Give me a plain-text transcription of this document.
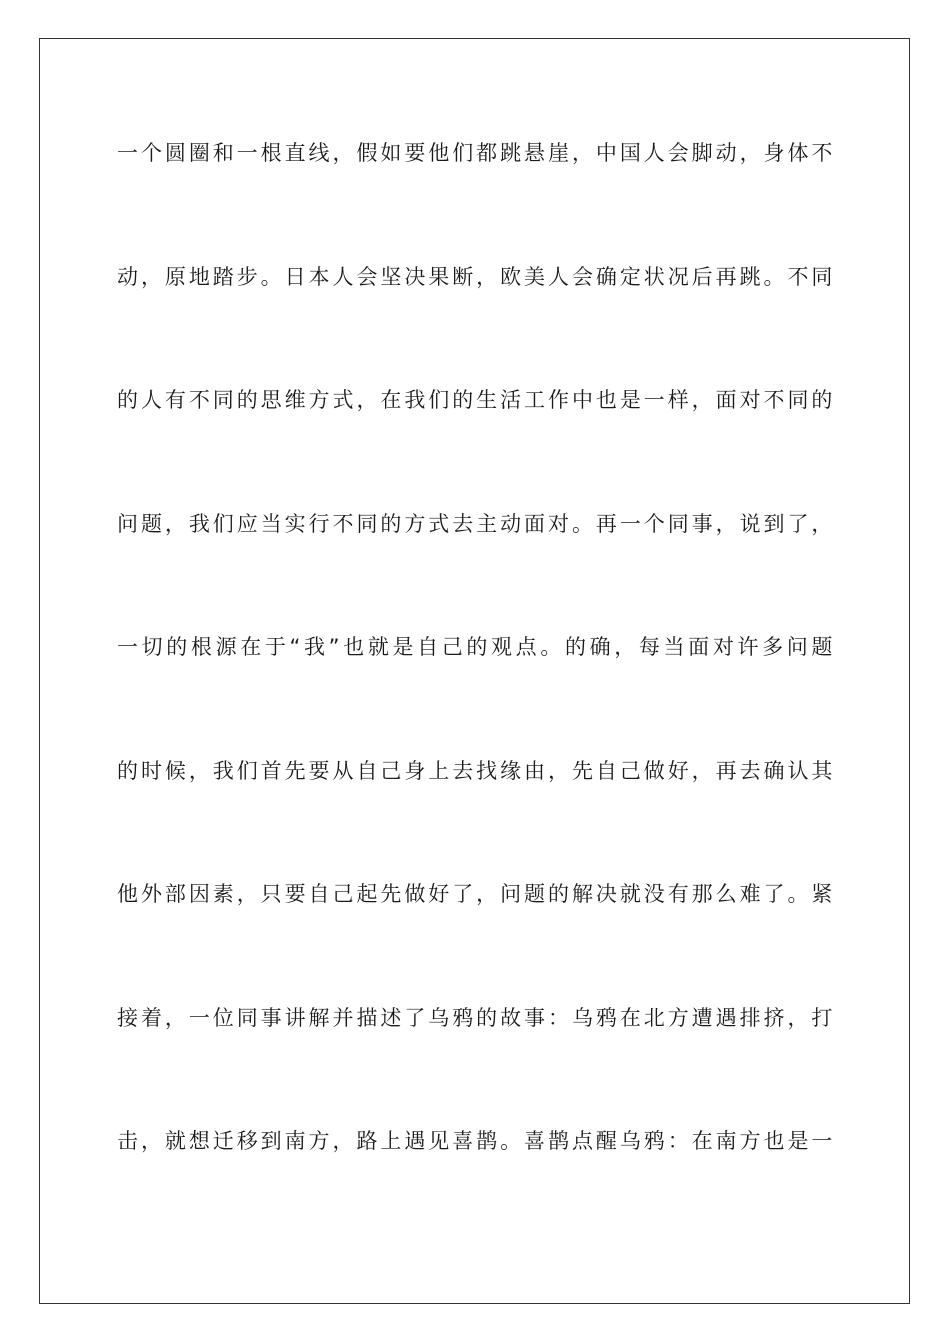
一个圆圈和一根直线，假如要他们都跳悬崖，中国人会脚动，身体不
动，原地踏步。日本人会坚决果断，欧美人会确定状况后再跳。不同
的人有不同的思维方式，在我们的生活工作中也是一样，面对不同的
问题，我们应当实行不同的方式去主动面对。再一个同事，说到了，
一切的根源在于“我”也就是自己的观点。的确，每当面对许多问题
的时候，我们首先要从自己身上去找缘由，先自己做好，再去确认其
他外部因素，只要自己起先做好了，问题的解决就没有那么难了。紧
接着，一位同事讲解并描述了乌鸦的故事：乌鸦在北方遭遇排挤，打
击，就想迁移到南方，路上遇见喜鹊。喜鹊点醒乌鸦：在南方也是一
